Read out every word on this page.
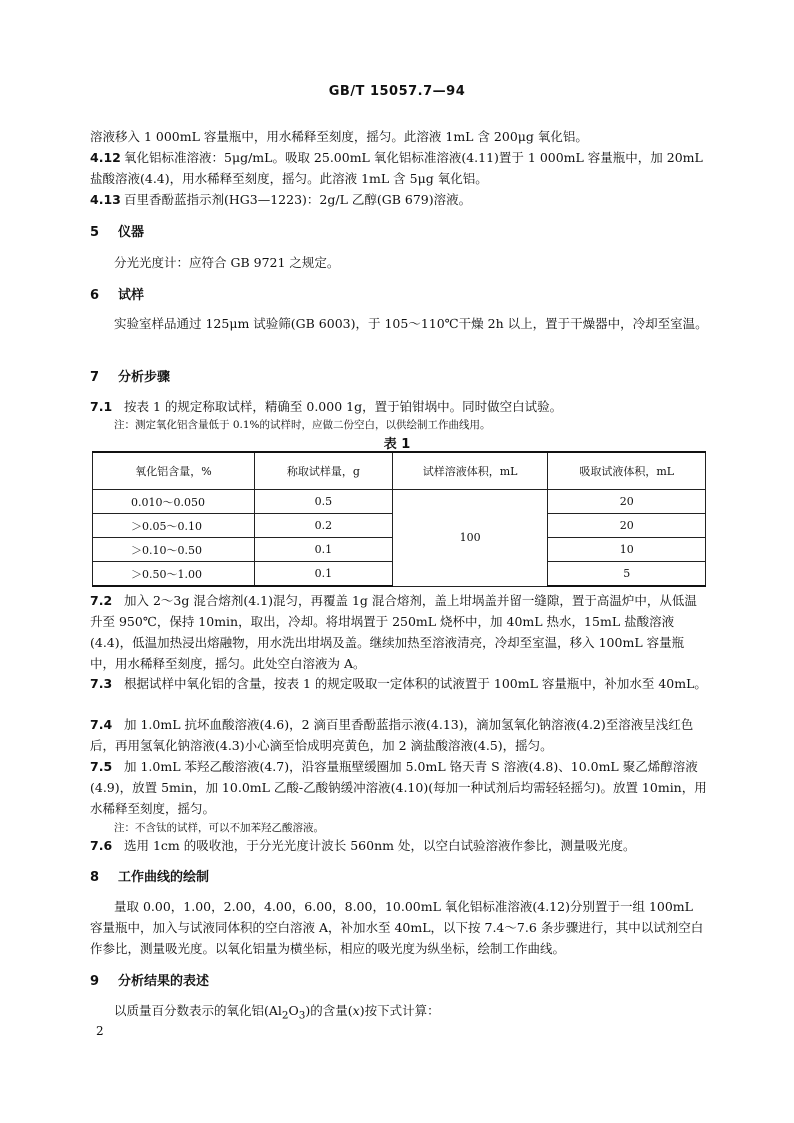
GB/T 15057.7—94

溶液移入 1 000mL 容量瓶中，用水稀释至刻度，摇匀。此溶液 1mL 含 200μg 氧化铝。

4.12 氧化铝标准溶液：5μg/mL。吸取 25.00mL 氧化铝标准溶液(4.11)置于 1 000mL 容量瓶中，加 20mL 盐酸溶液(4.4)，用水稀释至刻度，摇匀。此溶液 1mL 含 5μg 氧化铝。

4.13 百里香酚蓝指示剂(HG3—1223)：2g/L 乙醇(GB 679)溶液。

5 仪器

分光光度计：应符合 GB 9721 之规定。

6 试样

实验室样品通过 125μm 试验筛(GB 6003)，于 105～110℃干燥 2h 以上，置于干燥器中，冷却至室温。

7 分析步骤

7.1 按表 1 的规定称取试样，精确至 0.000 1g，置于铂钳埚中。同时做空白试验。

注：测定氧化铝含量低于 0.1%的试样时，应做二份空白，以供绘制工作曲线用。
表 1
氧化铝含量，%	称取试样量，g	试样溶液体积，mL	吸取试液体积，mL
0.010～0.050	0.5	100	20
＞0.05～0.10	0.2		20
＞0.10～0.50	0.1		10
＞0.50～1.00	0.1		5

7.2 加入 2～3g 混合熔剂(4.1)混匀，再覆盖 1g 混合熔剂，盖上坩埚盖并留一缝隙，置于高温炉中，从低温升至 950℃，保持 10min，取出，冷却。将坩埚置于 250mL 烧杯中，加 40mL 热水，15mL 盐酸溶液(4.4)，低温加热浸出熔融物，用水洗出坩埚及盖。继续加热至溶液清亮，冷却至室温，移入 100mL 容量瓶中，用水稀释至刻度，摇匀。此处空白溶液为 A。

7.3 根据试样中氧化铝的含量，按表 1 的规定吸取一定体积的试液置于 100mL 容量瓶中，补加水至 40mL。

7.4 加 1.0mL 抗坏血酸溶液(4.6)，2 滴百里香酚蓝指示液(4.13)，滴加氢氧化钠溶液(4.2)至溶液呈浅红色后，再用氢氧化钠溶液(4.3)小心滴至恰成明亮黄色，加 2 滴盐酸溶液(4.5)，摇匀。

7.5 加 1.0mL 苯羟乙酸溶液(4.7)，沿容量瓶壁缓圈加 5.0mL 铬天青 S 溶液(4.8)、10.0mL 聚乙烯醇溶液(4.9)，放置 5min，加 10.0mL 乙酸-乙酸钠缓冲溶液(4.10)(每加一种试剂后均需轻轻摇匀)。放置 10min，用水稀释至刻度，摇匀。

注：不含钛的试样，可以不加苯羟乙酸溶液。

7.6 选用 1cm 的吸收池，于分光光度计波长 560nm 处，以空白试验溶液作参比，测量吸光度。

8 工作曲线的绘制

量取 0.00，1.00，2.00，4.00，6.00，8.00，10.00mL 氧化铝标准溶液(4.12)分别置于一组 100mL 容量瓶中，加入与试液同体积的空白溶液 A，补加水至 40mL，以下按 7.4～7.6 条步骤进行，其中以试剂空白作参比，测量吸光度。以氧化铝量为横坐标，相应的吸光度为纵坐标，绘制工作曲线。

9 分析结果的表述

以质量百分数表示的氧化铝$(Al_2O_3)$的含量(x)按下式计算：

2
